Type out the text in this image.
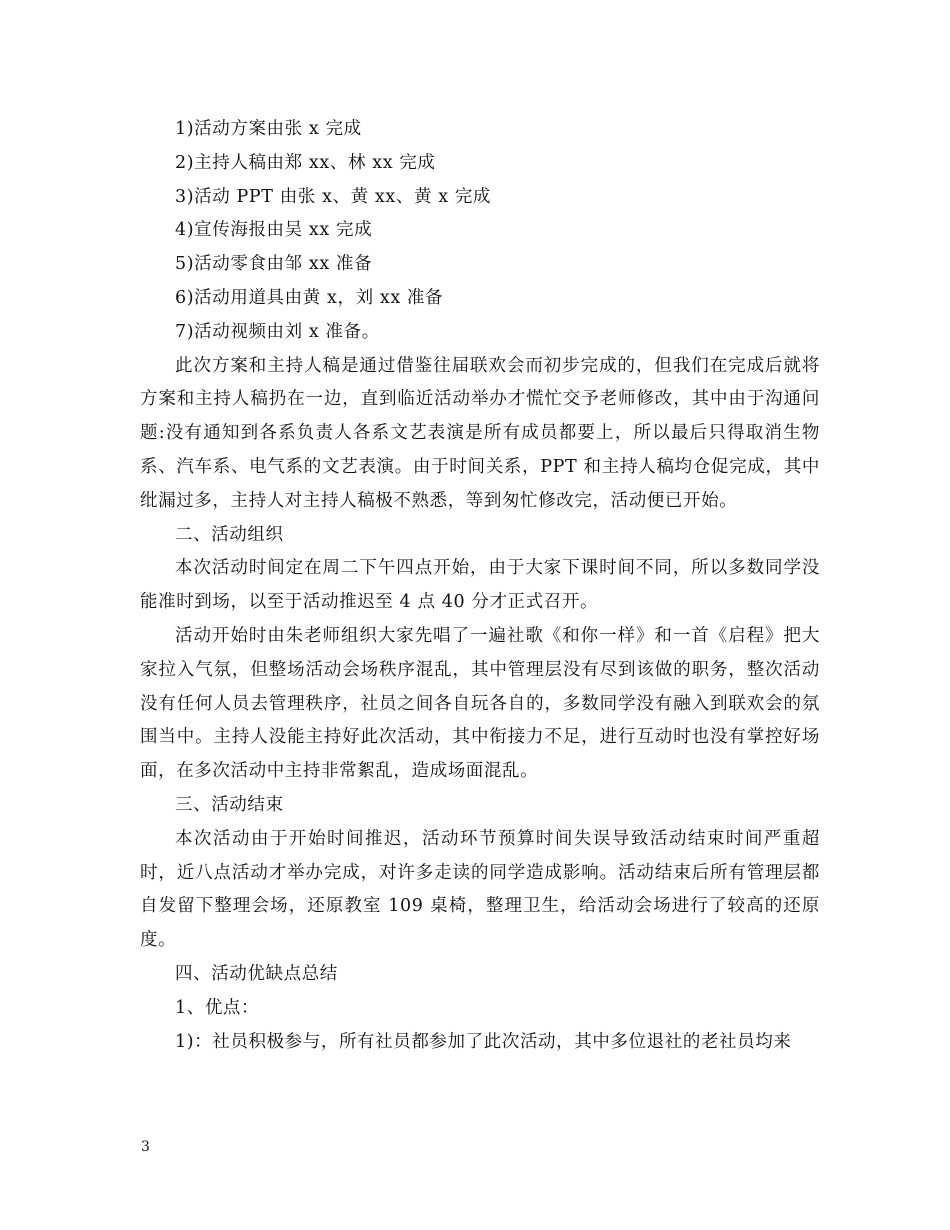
1)活动方案由张 x 完成

2)主持人稿由郑 xx、林 xx 完成

3)活动 PPT 由张 x、黄 xx、黄 x 完成

4)宣传海报由吴 xx 完成

5)活动零食由邹 xx 准备

6)活动用道具由黄 x，刘 xx 准备

7)活动视频由刘 x 准备。

此次方案和主持人稿是通过借鉴往届联欢会而初步完成的，但我们在完成后就将方案和主持人稿扔在一边，直到临近活动举办才慌忙交予老师修改，其中由于沟通问题:没有通知到各系负责人各系文艺表演是所有成员都要上，所以最后只得取消生物系、汽车系、电气系的文艺表演。由于时间关系，PPT 和主持人稿均仓促完成，其中纰漏过多，主持人对主持人稿极不熟悉，等到匆忙修改完，活动便已开始。

二、活动组织

本次活动时间定在周二下午四点开始，由于大家下课时间不同，所以多数同学没能准时到场，以至于活动推迟至 4 点 40 分才正式召开。

活动开始时由朱老师组织大家先唱了一遍社歌《和你一样》和一首《启程》把大家拉入气氛，但整场活动会场秩序混乱，其中管理层没有尽到该做的职务，整次活动没有任何人员去管理秩序，社员之间各自玩各自的，多数同学没有融入到联欢会的氛围当中。主持人没能主持好此次活动，其中衔接力不足，进行互动时也没有掌控好场面，在多次活动中主持非常絮乱，造成场面混乱。

三、活动结束

本次活动由于开始时间推迟，活动环节预算时间失误导致活动结束时间严重超时，近八点活动才举办完成，对许多走读的同学造成影响。活动结束后所有管理层都自发留下整理会场，还原教室 109 桌椅，整理卫生，给活动会场进行了较高的还原度。

四、活动优缺点总结

1、优点：

1)：社员积极参与，所有社员都参加了此次活动，其中多位退社的老社员均来

3
